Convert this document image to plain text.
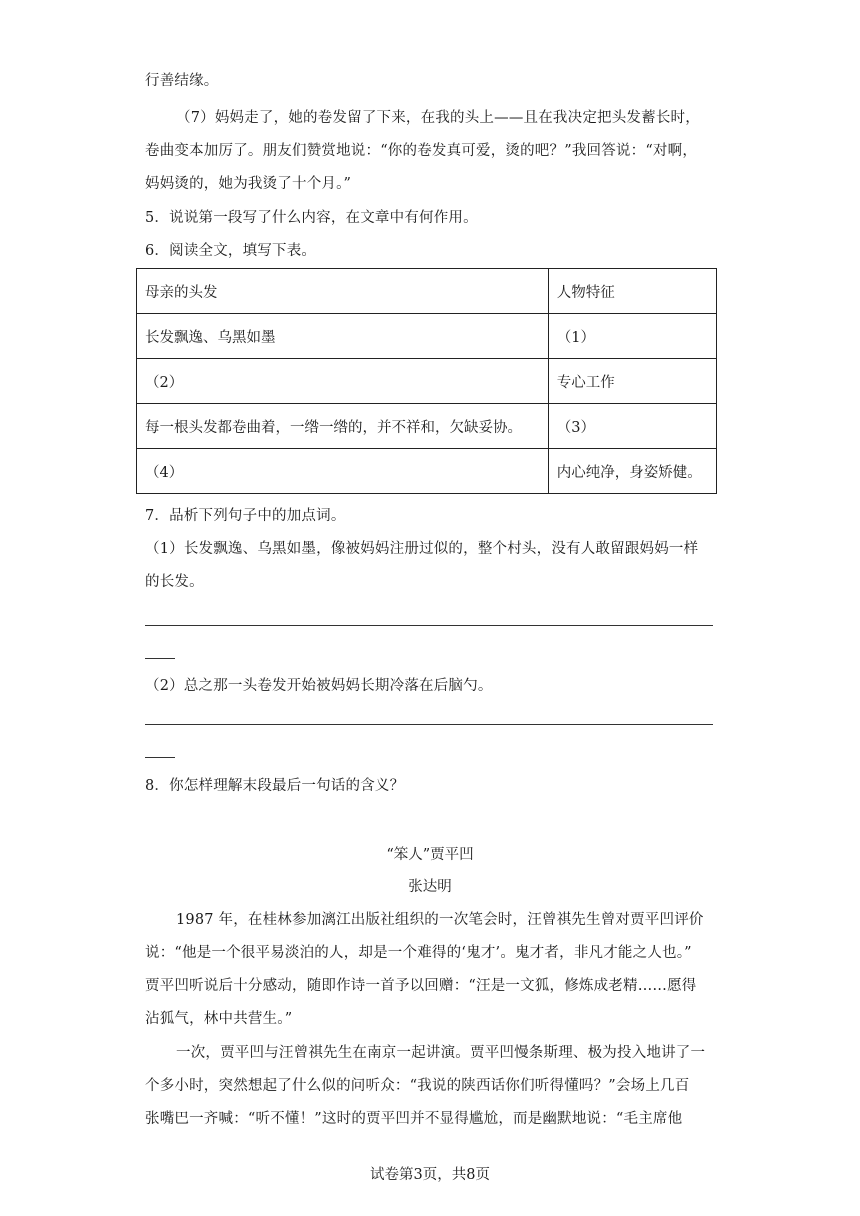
行善结缘。
（7）妈妈走了，她的卷发留了下来，在我的头上——且在我决定把头发蓄长时，
卷曲变本加厉了。朋友们赞赏地说：“你的卷发真可爱，烫的吧？”我回答说：“对啊，
妈妈烫的，她为我烫了十个月。”
5．说说第一段写了什么内容，在文章中有何作用。
6．阅读全文，填写下表。
母亲的头发	人物特征
长发飘逸、乌黑如墨	（1）
（2）	专心工作
每一根头发都卷曲着，一绺一绺的，并不祥和，欠缺妥协。	（3）
（4）	内心纯净，身姿矫健。
7．品析下列句子中的加点词。
（1）长发飘逸、乌黑如墨，像被妈妈注册过似的，整个村头，没有人敢留跟妈妈一样
的长发。
（2）总之那一头卷发开始被妈妈长期冷落在后脑勺。
8．你怎样理解末段最后一句话的含义？
“笨人”贾平凹
张达明
1987 年，在桂林参加漓江出版社组织的一次笔会时，汪曾祺先生曾对贾平凹评价
说：“他是一个很平易淡泊的人，却是一个难得的‘鬼才’。鬼才者，非凡才能之人也。”
贾平凹听说后十分感动，随即作诗一首予以回赠：“汪是一文狐，修炼成老精……愿得
沾狐气，林中共营生。”
一次，贾平凹与汪曾祺先生在南京一起讲演。贾平凹慢条斯理、极为投入地讲了一
个多小时，突然想起了什么似的问听众：“我说的陕西话你们听得懂吗？”会场上几百
张嘴巴一齐喊：“听不懂！”这时的贾平凹并不显得尴尬，而是幽默地说：“毛主席他
试卷第3页，共8页
